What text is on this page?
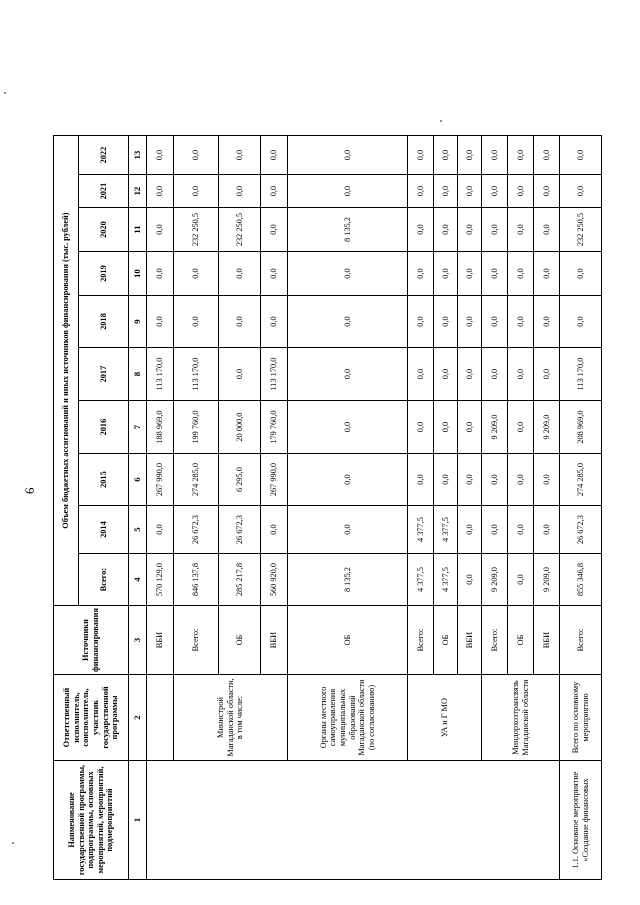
6
Наименование государственной программы, подпрограммы, основных мероприятий, мероприятий, подмероприятий	Ответственный исполнитель, соисполнитель, участник государственной программы	Источники финансирования	Объем бюджетных ассигнований и иных источников финансирования (тыс. рублей)									
			Всего:	2014	2015	2016	2017	2018	2019	2020	2021	2022
1	2	3	4	5	6	7	8	9	10	11	12	13
		ВБИ	570 129,0	0,0	267 990,0	188 969,0	113 170,0	0,0	0,0	0,0	0,0	0,0
	Министрой Магаданской области, в том числе:	Всего:	846 137,8	26 672,3	274 285,0	199 760,0	113 170,0	0,0	0,0	232 250,5	0,0	0,0
		ОБ	285 217,8	26 672,3	6 295,0	20 000,0	0,0	0,0	0,0	232 250,5	0,0	0,0
		ВБИ	560 920,0	0,0	267 990,0	179 760,0	113 170,0	0,0	0,0	0,0	0,0	0,0
	Органы местного самоуправления муниципальных образований Магаданской области (по согласованию)	ОБ	8 135,2	0,0	0,0	0,0	0,0	0,0	0,0	8 135,2	0,0	0,0
	УА и Г МО	Всего:	4 377,5	4 377,5	0,0	0,0	0,0	0,0	0,0	0,0	0,0	0,0
		ОБ	4 377,5	4 377,5	0,0	0,0	0,0	0,0	0,0	0,0	0,0	0,0
		ВБИ	0,0	0,0	0,0	0,0	0,0	0,0	0,0	0,0	0,0	0,0
	Миндорхозтрансвязь Магаданской области	Всего:	9 209,0	0,0	0,0	9 209,0	0,0	0,0	0,0	0,0	0,0	0,0
		ОБ	0,0	0,0	0,0	0,0	0,0	0,0	0,0	0,0	0,0	0,0
		ВБИ	9 209,0	0,0	0,0	9 209,0	0,0	0,0	0,0	0,0	0,0	0,0
1.1. Основное мероприятие «Создание финансовых	Всего по основному мероприятию	Всего:	855 346,8	26 672,3	274 285,0	208 969,0	113 170,0	0,0	0,0	232 250,5	0,0	0,0
